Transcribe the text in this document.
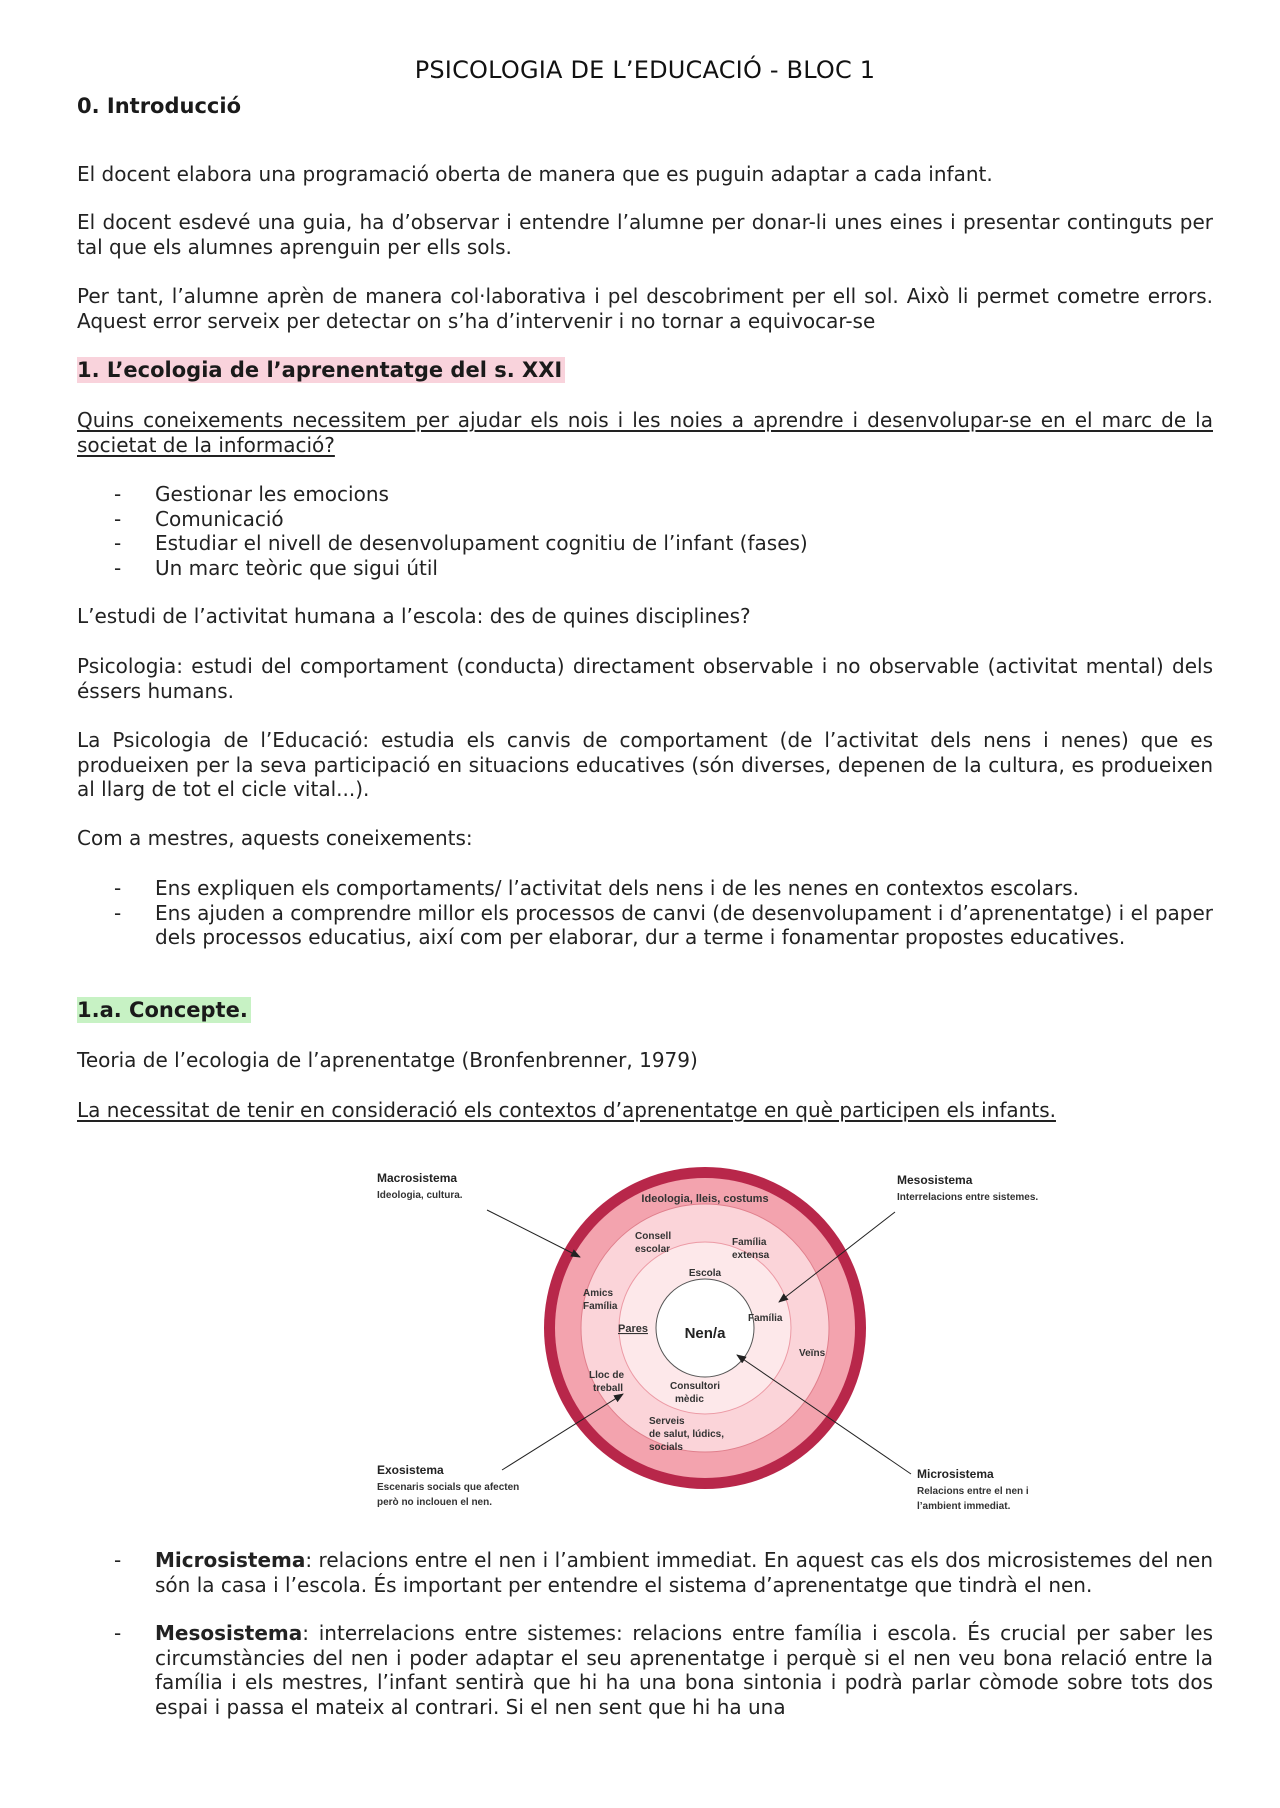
PSICOLOGIA DE L’EDUCACIÓ - BLOC 1
0. Introducció
El docent elabora una programació oberta de manera que es puguin adaptar a cada infant.
El docent esdevé una guia, ha d’observar i entendre l’alumne per donar-li unes eines i presentar continguts per tal que els alumnes aprenguin per ells sols.
Per tant, l’alumne aprèn de manera col·laborativa i pel descobriment per ell sol. Això li permet cometre errors. Aquest error serveix per detectar on s’ha d’intervenir i no tornar a equivocar-se
1. L’ecologia de l’aprenentatge del s. XXI
Quins coneixements necessitem per ajudar els nois i les noies a aprendre i desenvolupar-se en el marc de la societat de la informació?
- Gestionar les emocions
- Comunicació
- Estudiar el nivell de desenvolupament cognitiu de l’infant (fases)
- Un marc teòric que sigui útil
L’estudi de l’activitat humana a l’escola: des de quines disciplines?
Psicologia: estudi del comportament (conducta) directament observable i no observable (activitat mental) dels éssers humans.
La Psicologia de l’Educació: estudia els canvis de comportament (de l’activitat dels nens i nenes) que es produeixen per la seva participació en situacions educatives (són diverses, depenen de la cultura, es produeixen al llarg de tot el cicle vital...).
Com a mestres, aquests coneixements:
- Ens expliquen els comportaments/ l’activitat dels nens i de les nenes en contextos escolars.
- Ens ajuden a comprendre millor els processos de canvi (de desenvolupament i d’aprenentatge) i el paper dels processos educatius, així com per elaborar, dur a terme i fonamentar propostes educatives.
1.a. Concepte.
Teoria de l’ecologia de l’aprenentatge (Bronfenbrenner, 1979)
La necessitat de tenir en consideració els contextos d’aprenentatge en què participen els infants.
Ideologia, lleis, costums
Consell
escolar
Família
extensa
Escola
Amics
Família
Família
Pares Nen/a
Veïns
Lloc de
treball	Consultori
mèdic
Serveis
de salut, lúdics,
socials
Macrosistema
Ideologia, cultura.
Mesosistema
Interrelacions entre sistemes.
Exosistema
Escenaris socials que afecten
però no inclouen el nen.
Microsistema
Relacions entre el nen i
l’ambient immediat.
- Microsistema: relacions entre el nen i l’ambient immediat. En aquest cas els dos microsistemes del nen són la casa i l’escola. És important per entendre el sistema d’aprenentatge que tindrà el nen.
- Mesosistema: interrelacions entre sistemes: relacions entre família i escola. És crucial per saber les circumstàncies del nen i poder adaptar el seu aprenentatge i perquè si el nen veu bona relació entre la família i els mestres, l’infant sentirà que hi ha una bona sintonia i podrà parlar còmode sobre tots dos espai i passa el mateix al contrari. Si el nen sent que hi ha una
